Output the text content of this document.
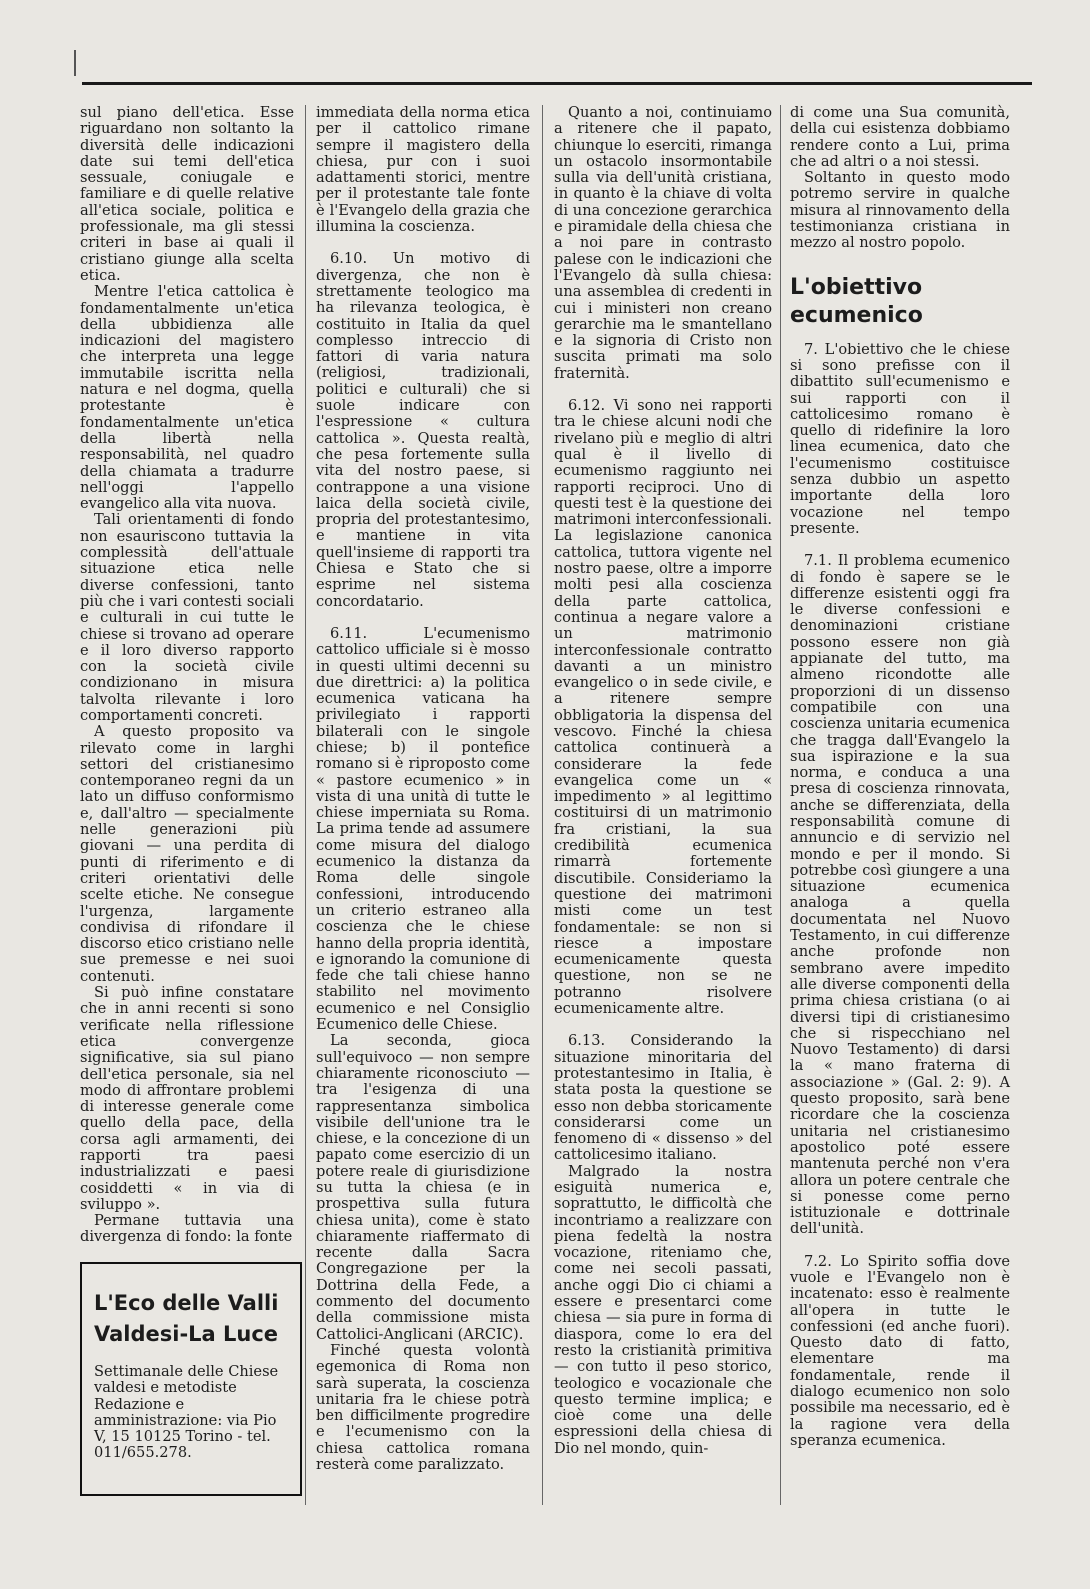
sul piano dell'etica. Esse riguardano non soltanto la diversità delle indicazioni date sui temi dell'etica sessuale, coniugale e familiare e di quelle relative all'etica sociale, politica e professionale, ma gli stessi criteri in base ai quali il cristiano giunge alla scelta etica.

Mentre l'etica cattolica è fondamentalmente un'etica della ubbidienza alle indicazioni del magistero che interpreta una legge immutabile iscritta nella natura e nel dogma, quella protestante è fondamentalmente un'etica della libertà nella responsabilità, nel quadro della chiamata a tradurre nell'oggi l'appello evangelico alla vita nuova.

Tali orientamenti di fondo non esauriscono tuttavia la complessità dell'attuale situazione etica nelle diverse confessioni, tanto più che i vari contesti sociali e culturali in cui tutte le chiese si trovano ad operare e il loro diverso rapporto con la società civile condizionano in misura talvolta rilevante i loro comportamenti concreti.

A questo proposito va rilevato come in larghi settori del cristianesimo contemporaneo regni da un lato un diffuso conformismo e, dall'altro — specialmente nelle generazioni più giovani — una perdita di punti di riferimento e di criteri orientativi delle scelte etiche. Ne consegue l'urgenza, largamente condivisa di rifondare il discorso etico cristiano nelle sue premesse e nei suoi contenuti.

Si può infine constatare che in anni recenti si sono verificate nella riflessione etica convergenze significative, sia sul piano dell'etica personale, sia nel modo di affrontare problemi di interesse generale come quello della pace, della corsa agli armamenti, dei rapporti tra paesi industrializzati e paesi cosiddetti « in via di sviluppo ».

Permane tuttavia una divergenza di fondo: la fonte

L'Eco delle Valli

Valdesi-La Luce

Settimanale delle Chiese valdesi e metodiste Redazione e amministrazione: via Pio V, 15 10125 Torino - tel. 011/655.278.

immediata della norma etica per il cattolico rimane sempre il magistero della chiesa, pur con i suoi adattamenti storici, mentre per il protestante tale fonte è l'Evangelo della grazia che illumina la coscienza.

6.10. Un motivo di divergenza, che non è strettamente teologico ma ha rilevanza teologica, è costituito in Italia da quel complesso intreccio di fattori di varia natura (religiosi, tradizionali, politici e culturali) che si suole indicare con l'espressione « cultura cattolica ». Questa realtà, che pesa fortemente sulla vita del nostro paese, si contrappone a una visione laica della società civile, propria del protestantesimo, e mantiene in vita quell'insieme di rapporti tra Chiesa e Stato che si esprime nel sistema concordatario.

6.11. L'ecumenismo cattolico ufficiale si è mosso in questi ultimi decenni su due direttrici: a) la politica ecumenica vaticana ha privilegiato i rapporti bilaterali con le singole chiese; b) il pontefice romano si è riproposto come « pastore ecumenico » in vista di una unità di tutte le chiese imperniata su Roma. La prima tende ad assumere come misura del dialogo ecumenico la distanza da Roma delle singole confessioni, introducendo un criterio estraneo alla coscienza che le chiese hanno della propria identità, e ignorando la comunione di fede che tali chiese hanno stabilito nel movimento ecumenico e nel Consiglio Ecumenico delle Chiese.

La seconda, gioca sull'equivoco — non sempre chiaramente riconosciuto — tra l'esigenza di una rappresentanza simbolica visibile dell'unione tra le chiese, e la concezione di un papato come esercizio di un potere reale di giurisdizione su tutta la chiesa (e in prospettiva sulla futura chiesa unita), come è stato chiaramente riaffermato di recente dalla Sacra Congregazione per la Dottrina della Fede, a commento del documento della commissione mista Cattolici-Anglicani (ARCIC).

Finché questa volontà egemonica di Roma non sarà superata, la coscienza unitaria fra le chiese potrà ben difficilmente progredire e l'ecumenismo con la chiesa cattolica romana resterà come paralizzato.

Quanto a noi, continuiamo a ritenere che il papato, chiunque lo eserciti, rimanga un ostacolo insormontabile sulla via dell'unità cristiana, in quanto è la chiave di volta di una concezione gerarchica e piramidale della chiesa che a noi pare in contrasto palese con le indicazioni che l'Evangelo dà sulla chiesa: una assemblea di credenti in cui i ministeri non creano gerarchie ma le smantellano e la signoria di Cristo non suscita primati ma solo fraternità.

6.12. Vi sono nei rapporti tra le chiese alcuni nodi che rivelano più e meglio di altri qual è il livello di ecumenismo raggiunto nei rapporti reciproci. Uno di questi test è la questione dei matrimoni interconfessionali. La legislazione canonica cattolica, tuttora vigente nel nostro paese, oltre a imporre molti pesi alla coscienza della parte cattolica, continua a negare valore a un matrimonio interconfessionale contratto davanti a un ministro evangelico o in sede civile, e a ritenere sempre obbligatoria la dispensa del vescovo. Finché la chiesa cattolica continuerà a considerare la fede evangelica come un « impedimento » al legittimo costituirsi di un matrimonio fra cristiani, la sua credibilità ecumenica rimarrà fortemente discutibile. Consideriamo la questione dei matrimoni misti come un test fondamentale: se non si riesce a impostare ecumenicamente questa questione, non se ne potranno risolvere ecumenicamente altre.

6.13. Considerando la situazione minoritaria del protestantesimo in Italia, è stata posta la questione se esso non debba storicamente considerarsi come un fenomeno di « dissenso » del cattolicesimo italiano.

Malgrado la nostra esiguità numerica e, soprattutto, le difficoltà che incontriamo a realizzare con piena fedeltà la nostra vocazione, riteniamo che, come nei secoli passati, anche oggi Dio ci chiami a essere e presentarci come chiesa — sia pure in forma di diaspora, come lo era del resto la cristianità primitiva — con tutto il peso storico, teologico e vocazionale che questo termine implica; e cioè come una delle espressioni della chiesa di Dio nel mondo, quin-

di come una Sua comunità, della cui esistenza dobbiamo rendere conto a Lui, prima che ad altri o a noi stessi.

Soltanto in questo modo potremo servire in qualche misura al rinnovamento della testimonianza cristiana in mezzo al nostro popolo.

L'obiettivo
ecumenico

7. L'obiettivo che le chiese si sono prefisse con il dibattito sull'ecumenismo e sui rapporti con il cattolicesimo romano è quello di ridefinire la loro linea ecumenica, dato che l'ecumenismo costituisce senza dubbio un aspetto importante della loro vocazione nel tempo presente.

7.1. Il problema ecumenico di fondo è sapere se le differenze esistenti oggi fra le diverse confessioni e denominazioni cristiane possono essere non già appianate del tutto, ma almeno ricondotte alle proporzioni di un dissenso compatibile con una coscienza unitaria ecumenica che tragga dall'Evangelo la sua ispirazione e la sua norma, e conduca a una presa di coscienza rinnovata, anche se differenziata, della responsabilità comune di annuncio e di servizio nel mondo e per il mondo. Si potrebbe così giungere a una situazione ecumenica analoga a quella documentata nel Nuovo Testamento, in cui differenze anche profonde non sembrano avere impedito alle diverse componenti della prima chiesa cristiana (o ai diversi tipi di cristianesimo che si rispecchiano nel Nuovo Testamento) di darsi la « mano fraterna di associazione » (Gal. 2: 9). A questo proposito, sarà bene ricordare che la coscienza unitaria nel cristianesimo apostolico poté essere mantenuta perché non v'era allora un potere centrale che si ponesse come perno istituzionale e dottrinale dell'unità.

7.2. Lo Spirito soffia dove vuole e l'Evangelo non è incatenato: esso è realmente all'opera in tutte le confessioni (ed anche fuori). Questo dato di fatto, elementare ma fondamentale, rende il dialogo ecumenico non solo possibile ma necessario, ed è la ragione vera della speranza ecumenica.
